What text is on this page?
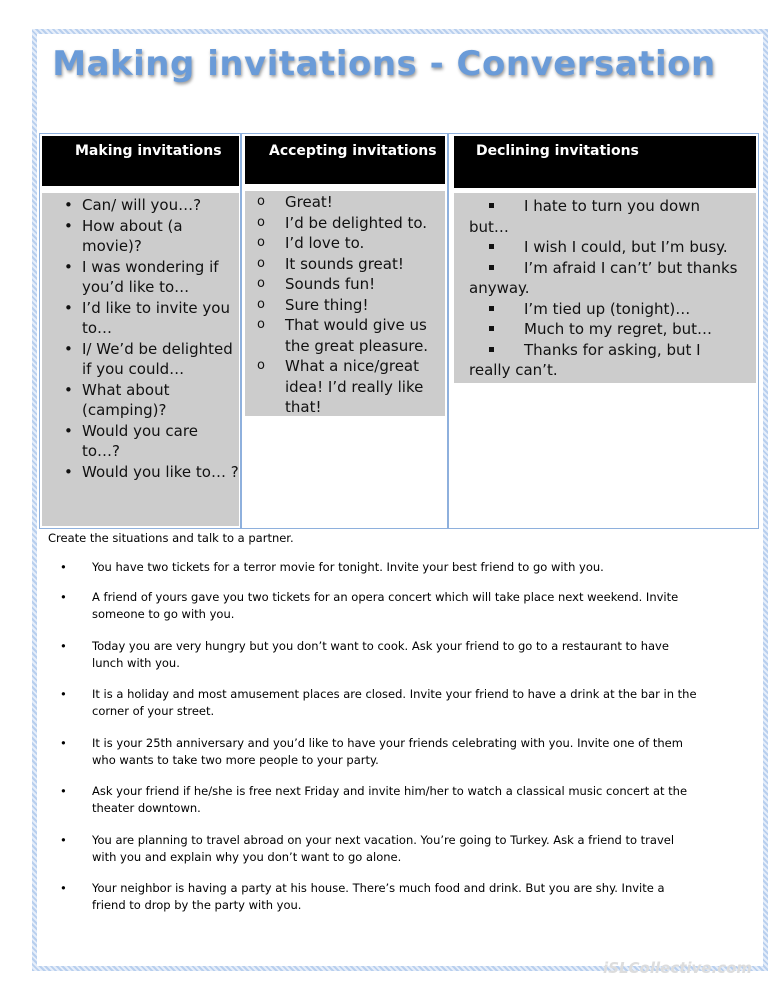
Making invitations - Conversation
Making invitations	Accepting invitations	Declining invitations
• Can/ will you…?
• How about (a movie)?
• I was wondering if you’d like to…
• I’d like to invite you to…
• I/ We’d be delighted if you could…
• What about (camping)?
• Would you care to…?
• Would you like to… ?
o Great!
o I’d be delighted to.
o I’d love to.
o It sounds great!
o Sounds fun!
o Sure thing!
o That would give us the great pleasure.
o What a nice/great idea! I’d really like that!

I hate to turn you down

but…

I wish I could, but I’m busy.

I’m afraid I can’t’ but thanks

anyway.

I’m tied up (tonight)…

Much to my regret, but…

Thanks for asking, but I

really can’t.

Create the situations and talk to a partner.
• You have two tickets for a terror movie for tonight. Invite your best friend to go with you.
• A friend of yours gave you two tickets for an opera concert which will take place next weekend. Invite someone to go with you.
• Today you are very hungry but you don’t want to cook. Ask your friend to go to a restaurant to have lunch with you.
• It is a holiday and most amusement places are closed. Invite your friend to have a drink at the bar in the corner of your street.
• It is your 25th anniversary and you’d like to have your friends celebrating with you. Invite one of them who wants to take two more people to your party.
• Ask your friend if he/she is free next Friday and invite him/her to watch a classical music concert at the theater downtown.
• You are planning to travel abroad on your next vacation. You’re going to Turkey. Ask a friend to travel with you and explain why you don’t want to go alone.
• Your neighbor is having a party at his house. There’s much food and drink. But you are shy. Invite a friend to drop by the party with you.
iSLCollective.com
